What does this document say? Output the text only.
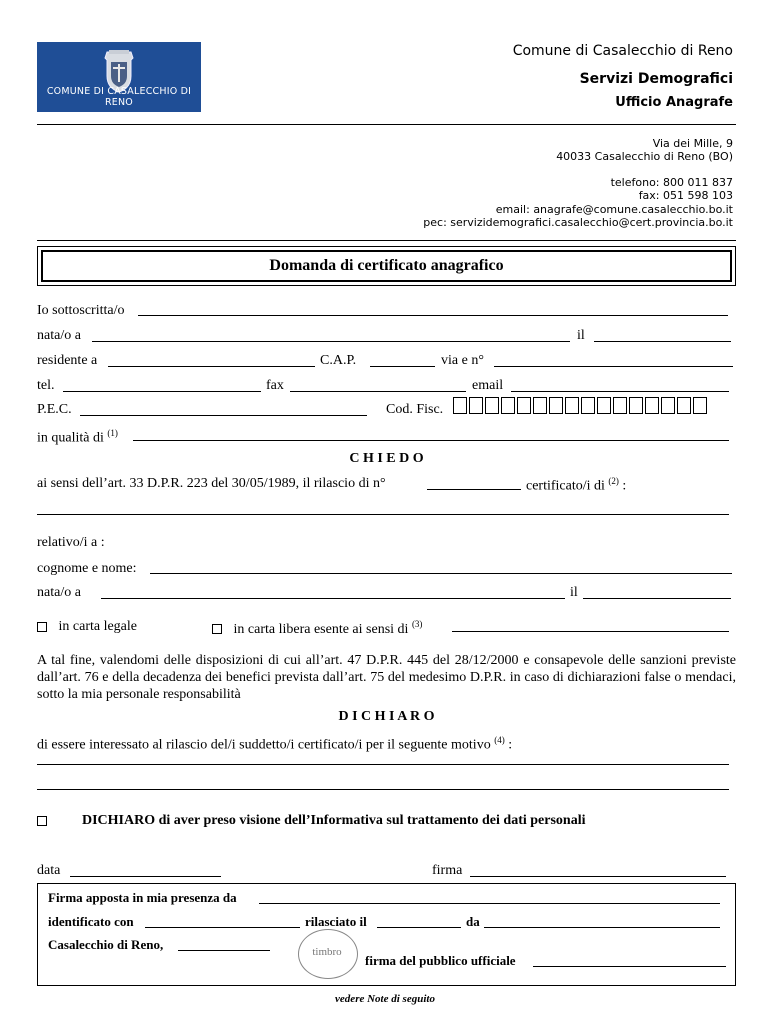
COMUNE DI CASALECCHIO DI RENO
Comune di Casalecchio di Reno
Servizi Demografici
Ufficio Anagrafe
Via dei Mille, 9
40033 Casalecchio di Reno (BO)
telefono: 800 011 837
fax: 051 598 103
email: anagrafe@comune.casalecchio.bo.it
pec: servizidemografici.casalecchio@cert.provincia.bo.it
Domanda di certificato anagrafico
Io sottoscritta/o
nata/o a	il
residente a	C.A.P.	via e n°
tel.	fax	email
P.E.C.	Cod. Fisc.
in qualità di $^{(1)}$
C H I E D O
ai sensi dell’art. 33 D.P.R. 223 del 30/05/1989, il rilascio di n°	certificato/i di $^{(2)}$ :
relativo/i a :
cognome e nome:
nata/o a	il
in carta legale	in carta libera esente ai sensi di $^{(3)}$
A tal fine, valendomi delle disposizioni di cui all’art. 47 D.P.R. 445 del 28/12/2000 e consapevole delle sanzioni previste dall’art. 76 e della decadenza dei benefici prevista dall’art. 75 del medesimo D.P.R. in caso di dichiarazioni false o mendaci, sotto la mia personale responsabilità
D I C H I A R O
di essere interessato al rilascio del/i suddetto/i certificato/i per il seguente motivo $^{(4)}$ :
DICHIARO di aver preso visione dell’Informativa sul trattamento dei dati personali
data	firma
Firma apposta in mia presenza da
identificato con	rilasciato il	da
Casalecchio di Reno,	timbro
firma del pubblico ufficiale
vedere Note di seguito
